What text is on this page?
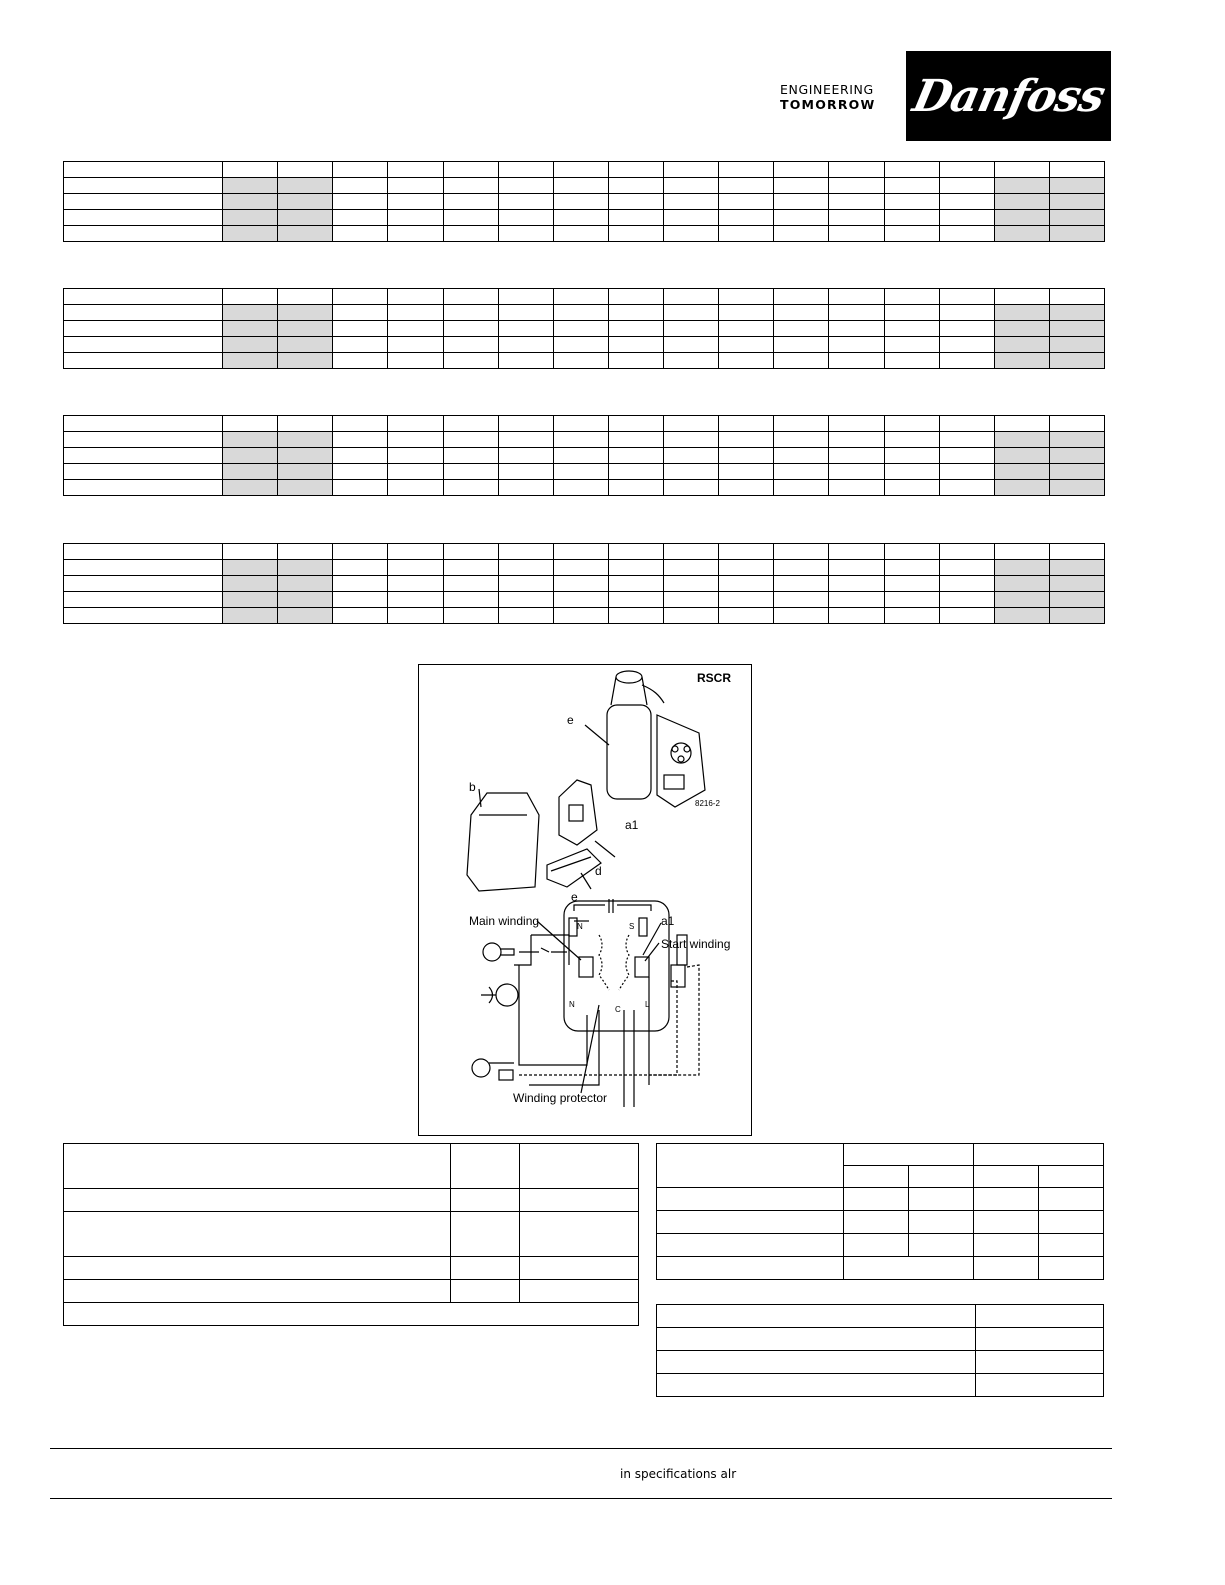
ENGINEERING
TOMORROW Danfoss

RSCR
8216-2
e
b
a1
d
e
a1
Main winding
Start winding
Winding protector
N	S
N	L
C

in specifications alr
